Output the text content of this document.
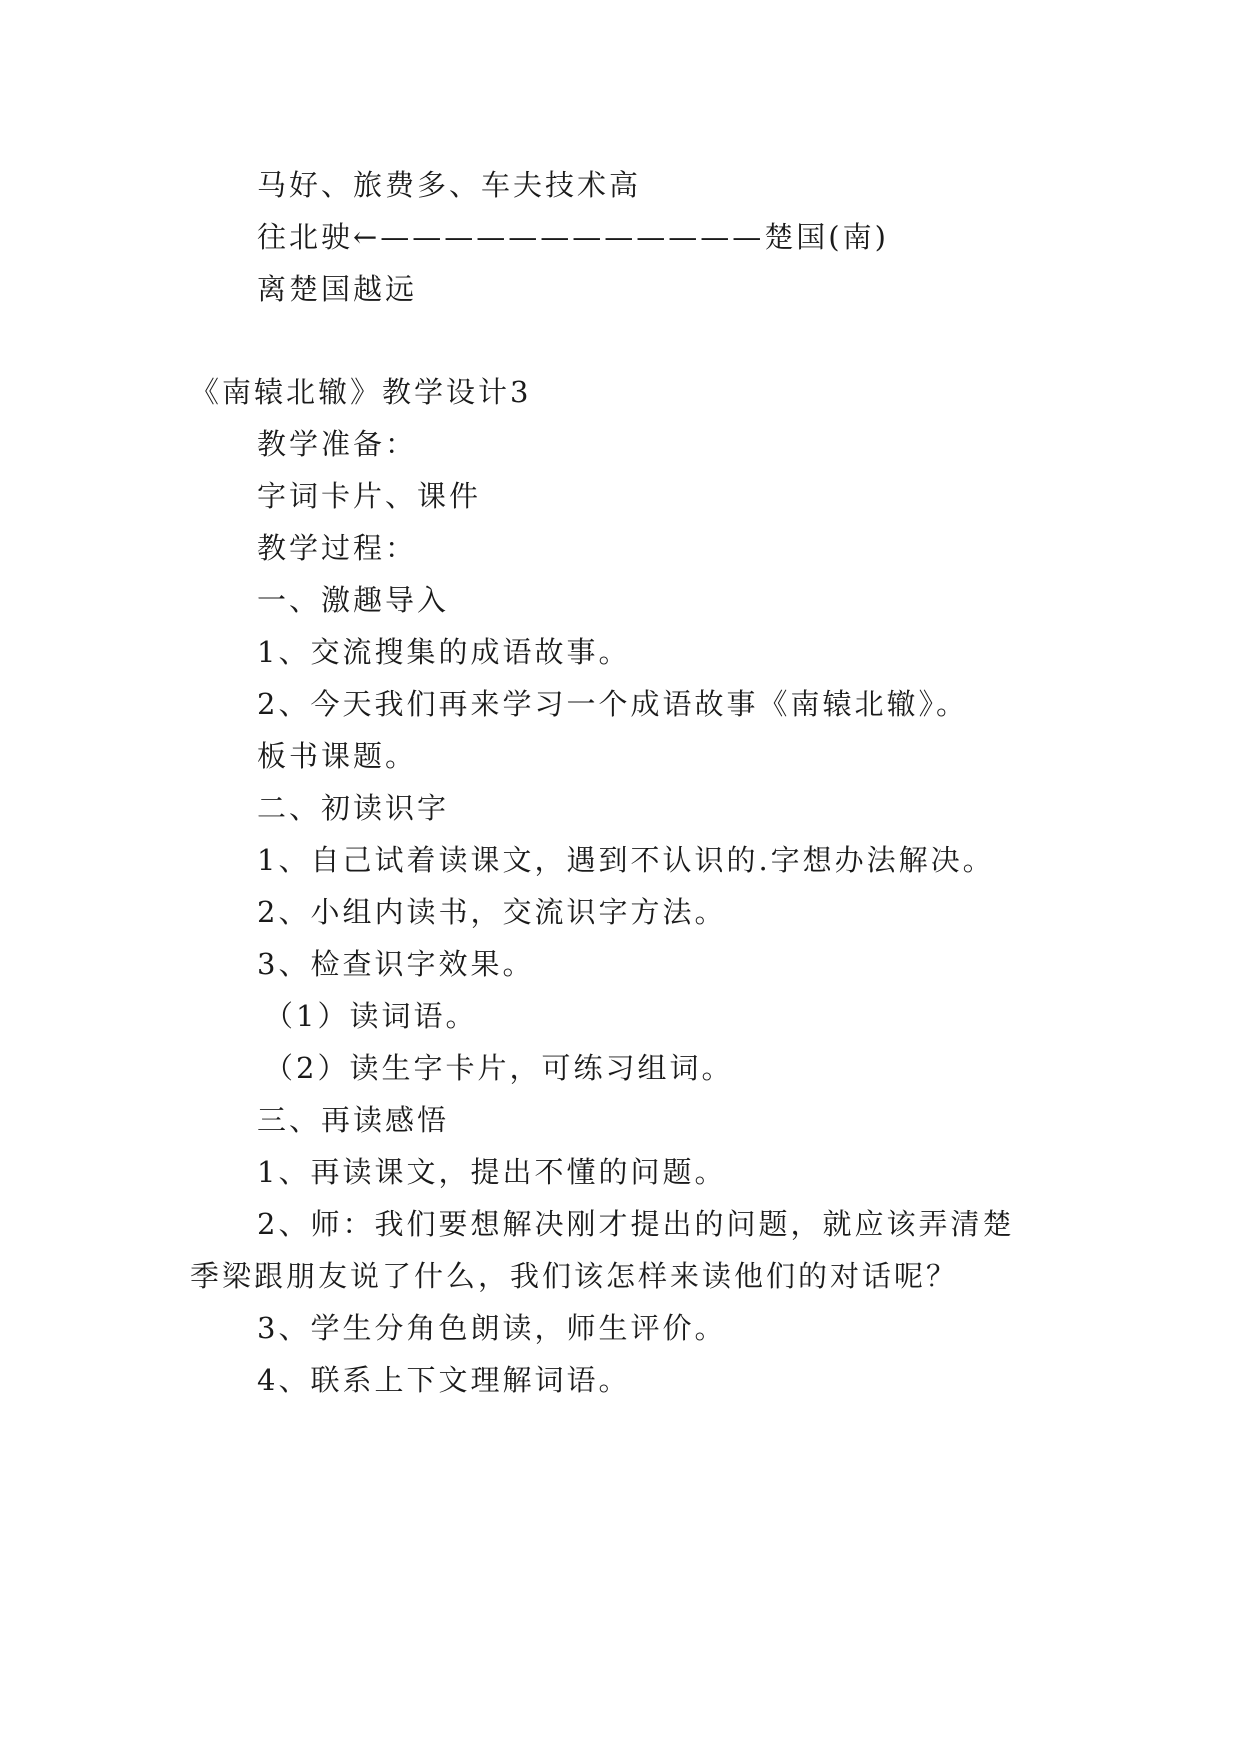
马好、旅费多、车夫技术高
往北驶←————————————楚国(南)
离楚国越远
《南辕北辙》教学设计3
教学准备：
字词卡片、课件
教学过程：
一、激趣导入
1、交流搜集的成语故事。
2、今天我们再来学习一个成语故事《南辕北辙》。
板书课题。
二、初读识字
1、自己试着读课文，遇到不认识的.字想办法解决。
2、小组内读书，交流识字方法。
3、检查识字效果。
（1）读词语。
（2）读生字卡片，可练习组词。
三、再读感悟
1、再读课文，提出不懂的问题。
2、师：我们要想解决刚才提出的问题，就应该弄清楚
季梁跟朋友说了什么，我们该怎样来读他们的对话呢？
3、学生分角色朗读，师生评价。
4、联系上下文理解词语。
